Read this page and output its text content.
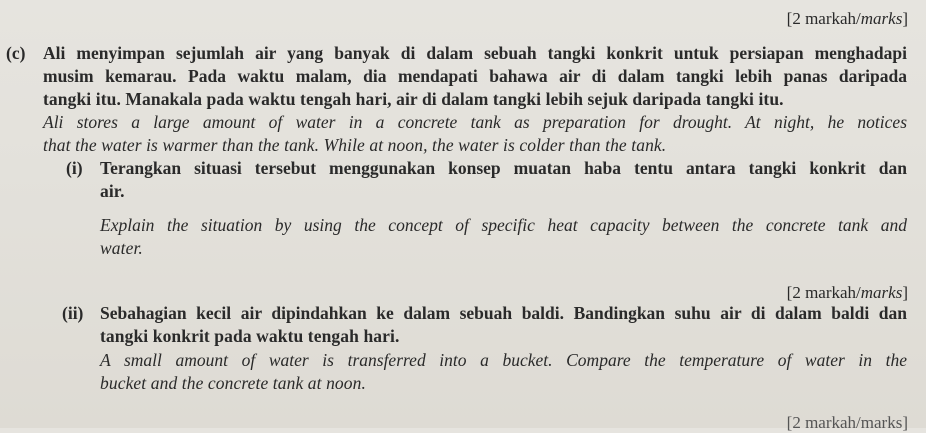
[2 markah/marks]
(c) Ali menyimpan sejumlah air yang banyak di dalam sebuah tangki konkrit untuk persiapan menghadapi
musim kemarau. Pada waktu malam, dia mendapati bahawa air di dalam tangki lebih panas daripada
tangki itu. Manakala pada waktu tengah hari, air di dalam tangki lebih sejuk daripada tangki itu.
Ali stores a large amount of water in a concrete tank as preparation for drought. At night, he notices
that the water is warmer than the tank. While at noon, the water is colder than the tank.
(i) Terangkan situasi tersebut menggunakan konsep muatan haba tentu antara tangki konkrit dan
air.
Explain the situation by using the concept of specific heat capacity between the concrete tank and
water.
[2 markah/marks]
(ii) Sebahagian kecil air dipindahkan ke dalam sebuah baldi. Bandingkan suhu air di dalam baldi dan
tangki konkrit pada waktu tengah hari.
A small amount of water is transferred into a bucket. Compare the temperature of water in the
bucket and the concrete tank at noon.
[2 markah/marks]
